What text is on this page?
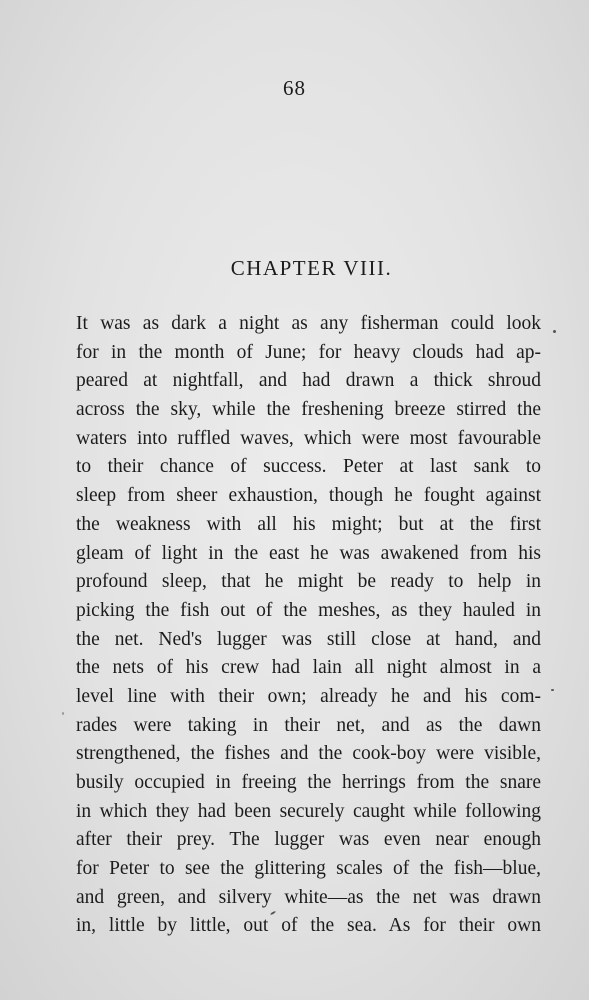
68
CHAPTER VIII.
It was as dark a night as any fisherman could look
for in the month of June; for heavy clouds had ap-
peared at nightfall, and had drawn a thick shroud
across the sky, while the freshening breeze stirred the
waters into ruffled waves, which were most favourable
to their chance of success. Peter at last sank to
sleep from sheer exhaustion, though he fought against
the weakness with all his might; but at the first
gleam of light in the east he was awakened from his
profound sleep, that he might be ready to help in
picking the fish out of the meshes, as they hauled in
the net. Ned's lugger was still close at hand, and
the nets of his crew had lain all night almost in a
level line with their own; already he and his com-
rades were taking in their net, and as the dawn
strengthened, the fishes and the cook-boy were visible,
busily occupied in freeing the herrings from the snare
in which they had been securely caught while following
after their prey. The lugger was even near enough
for Peter to see the glittering scales of the fish—blue,
and green, and silvery white—as the net was drawn
in, little by little, out of the sea. As for their own
